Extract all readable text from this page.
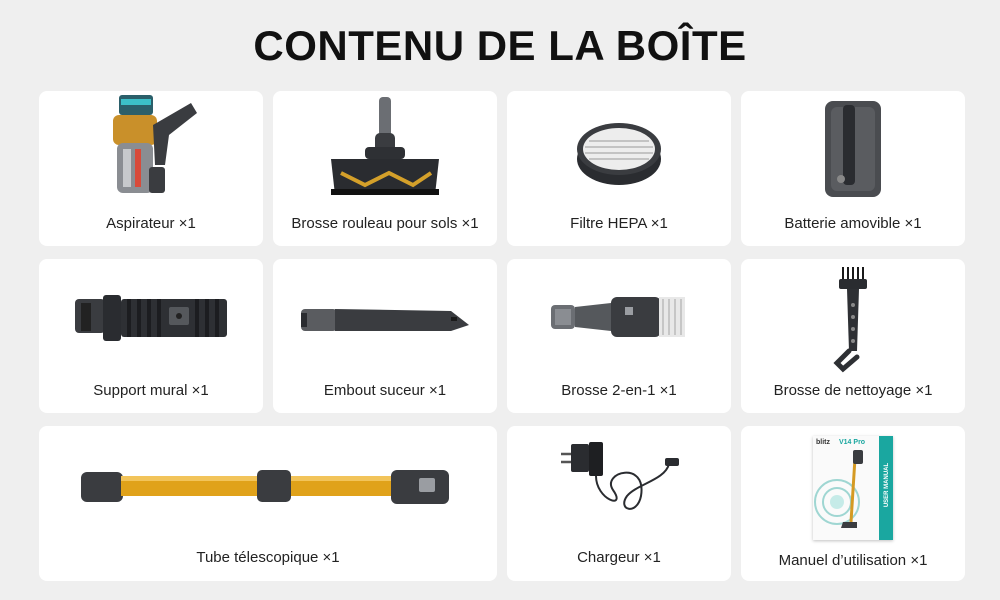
CONTENU DE LA BOÎTE
Aspirateur ×1	Brosse rouleau pour sols ×1	Filtre HEPA ×1	Batterie amovible ×1
Support mural ×1	Embout suceur ×1	Brosse 2-en-1 ×1	Brosse de nettoyage ×1
Tube télescopique ×1	Chargeur ×1
blitz V14 Pro
USER MANUAL
Manuel d’utilisation ×1
